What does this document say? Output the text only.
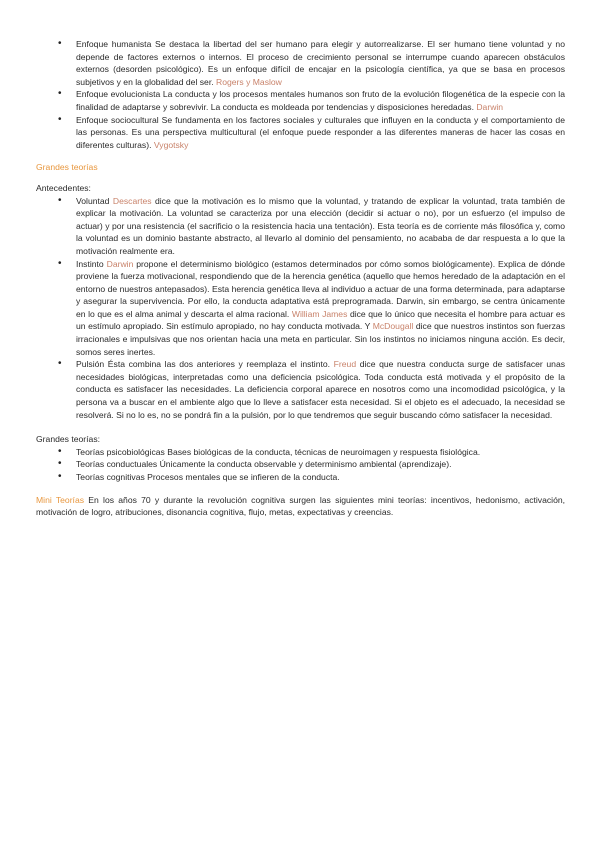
• Enfoque humanista Se destaca la libertad del ser humano para elegir y autorrealizarse. El ser humano tiene voluntad y no depende de factores externos o internos. El proceso de crecimiento personal se interrumpe cuando aparecen obstáculos externos (desorden psicológico). Es un enfoque difícil de encajar en la psicología científica, ya que se basa en procesos subjetivos y en la globalidad del ser. Rogers y Maslow
• Enfoque evolucionista La conducta y los procesos mentales humanos son fruto de la evolución filogenética de la especie con la finalidad de adaptarse y sobrevivir. La conducta es moldeada por tendencias y disposiciones heredadas. Darwin
• Enfoque sociocultural Se fundamenta en los factores sociales y culturales que influyen en la conducta y el comportamiento de las personas. Es una perspectiva multicultural (el enfoque puede responder a las diferentes maneras de hacer las cosas en diferentes culturas). Vygotsky
Grandes teorías
Antecedentes:
• Voluntad Descartes dice que la motivación es lo mismo que la voluntad, y tratando de explicar la voluntad, trata también de explicar la motivación. La voluntad se caracteriza por una elección (decidir si actuar o no), por un esfuerzo (el impulso de actuar) y por una resistencia (el sacrificio o la resistencia hacia una tentación). Esta teoría es de corriente más filosófica y, como la voluntad es un dominio bastante abstracto, al llevarlo al dominio del pensamiento, no acababa de dar respuesta a lo que la motivación realmente era.
• Instinto Darwin propone el determinismo biológico (estamos determinados por cómo somos biológicamente). Explica de dónde proviene la fuerza motivacional, respondiendo que de la herencia genética (aquello que hemos heredado de la adaptación en el entorno de nuestros antepasados). Esta herencia genética lleva al individuo a actuar de una forma determinada, para adaptarse y asegurar la supervivencia. Por ello, la conducta adaptativa está preprogramada. Darwin, sin embargo, se centra únicamente en lo que es el alma animal y descarta el alma racional. William James dice que lo único que necesita el hombre para actuar es un estímulo apropiado. Sin estímulo apropiado, no hay conducta motivada. Y McDougall dice que nuestros instintos son fuerzas irracionales e impulsivas que nos orientan hacia una meta en particular. Sin los instintos no iniciamos ninguna acción. Es decir, somos seres inertes.
• Pulsión Ésta combina las dos anteriores y reemplaza el instinto. Freud dice que nuestra conducta surge de satisfacer unas necesidades biológicas, interpretadas como una deficiencia psicológica. Toda conducta está motivada y el propósito de la conducta es satisfacer las necesidades. La deficiencia corporal aparece en nosotros como una incomodidad psicológica, y la persona va a buscar en el ambiente algo que lo lleve a satisfacer esta necesidad. Si el objeto es el adecuado, la necesidad se resolverá. Si no lo es, no se pondrá fin a la pulsión, por lo que tendremos que seguir buscando cómo satisfacer la necesidad.
Grandes teorías:
• Teorías psicobiológicas Bases biológicas de la conducta, técnicas de neuroimagen y respuesta fisiológica.
• Teorías conductuales Únicamente la conducta observable y determinismo ambiental (aprendizaje).
• Teorías cognitivas Procesos mentales que se infieren de la conducta.
Mini Teorías En los años 70 y durante la revolución cognitiva surgen las siguientes mini teorías: incentivos, hedonismo, activación, motivación de logro, atribuciones, disonancia cognitiva, flujo, metas, expectativas y creencias.
